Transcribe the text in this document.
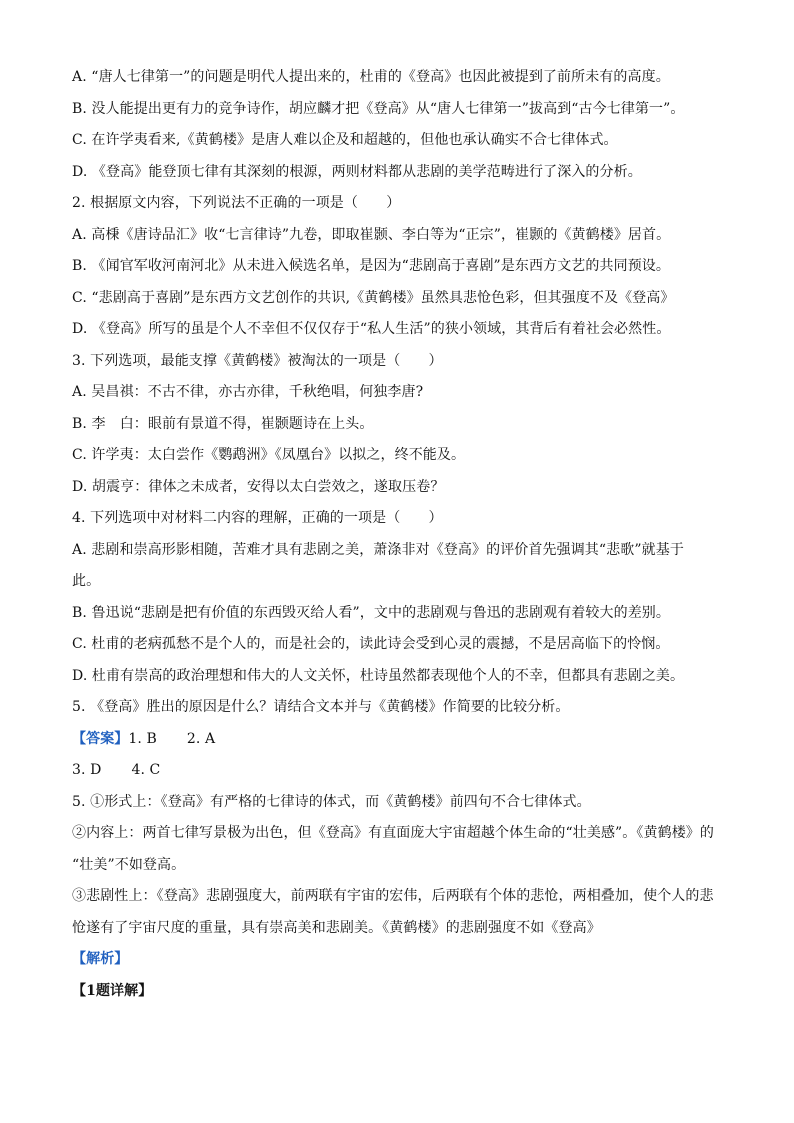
A. “唐人七律第一”的问题是明代人提出来的，杜甫的《登高》也因此被提到了前所未有的高度。
B. 没人能提出更有力的竞争诗作，胡应麟才把《登高》从“唐人七律第一”拔高到“古今七律第一”。
C. 在许学夷看来,《黄鹤楼》是唐人难以企及和超越的，但他也承认确实不合七律体式。
D. 《登高》能登顶七律有其深刻的根源，两则材料都从悲剧的美学范畴进行了深入的分析。
2. 根据原文内容，下列说法不正确的一项是（　　）
A. 高棅《唐诗品汇》收“七言律诗”九卷，即取崔颢、李白等为“正宗”，崔颢的《黄鹤楼》居首。
B. 《闻官军收河南河北》从未进入候选名单，是因为“悲剧高于喜剧”是东西方文艺的共同预设。
C. “悲剧高于喜剧”是东西方文艺创作的共识,《黄鹤楼》虽然具悲怆色彩，但其强度不及《登高》
D. 《登高》所写的虽是个人不幸但不仅仅存于“私人生活”的狭小领域，其背后有着社会必然性。
3. 下列选项，最能支撑《黄鹤楼》被淘汰的一项是（　　）
A. 吴昌祺：不古不律，亦古亦律，千秋绝唱，何独李唐?
B. 李　白：眼前有景道不得，崔颢题诗在上头。
C. 许学夷：太白尝作《鹦鹉洲》《凤凰台》以拟之，终不能及。
D. 胡震亨：律体之未成者，安得以太白尝效之，遂取压卷？
4. 下列选项中对材料二内容的理解，正确的一项是（　　）
A. 悲剧和崇高形影相随，苦难才具有悲剧之美，萧涤非对《登高》的评价首先强调其“悲歌”就基于
此。
B. 鲁迅说“悲剧是把有价值的东西毁灭给人看”，文中的悲剧观与鲁迅的悲剧观有着较大的差别。
C. 杜甫的老病孤愁不是个人的，而是社会的，读此诗会受到心灵的震撼，不是居高临下的怜悯。
D. 杜甫有崇高的政治理想和伟大的人文关怀，杜诗虽然都表现他个人的不幸，但都具有悲剧之美。
5. 《登高》胜出的原因是什么？请结合文本并与《黄鹤楼》作简要的比较分析。
【答案】1. B 2. A
3. D 4. C
5. ①形式上：《登高》有严格的七律诗的体式，而《黄鹤楼》前四句不合七律体式。
②内容上：两首七律写景极为出色，但《登高》有直面庞大宇宙超越个体生命的“壮美感”。《黄鹤楼》的
“壮美”不如登高。
③悲剧性上：《登高》悲剧强度大，前两联有宇宙的宏伟，后两联有个体的悲怆，两相叠加，使个人的悲
怆遂有了宇宙尺度的重量，具有崇高美和悲剧美。《黄鹤楼》的悲剧强度不如《登高》
【解析】
【1题详解】
